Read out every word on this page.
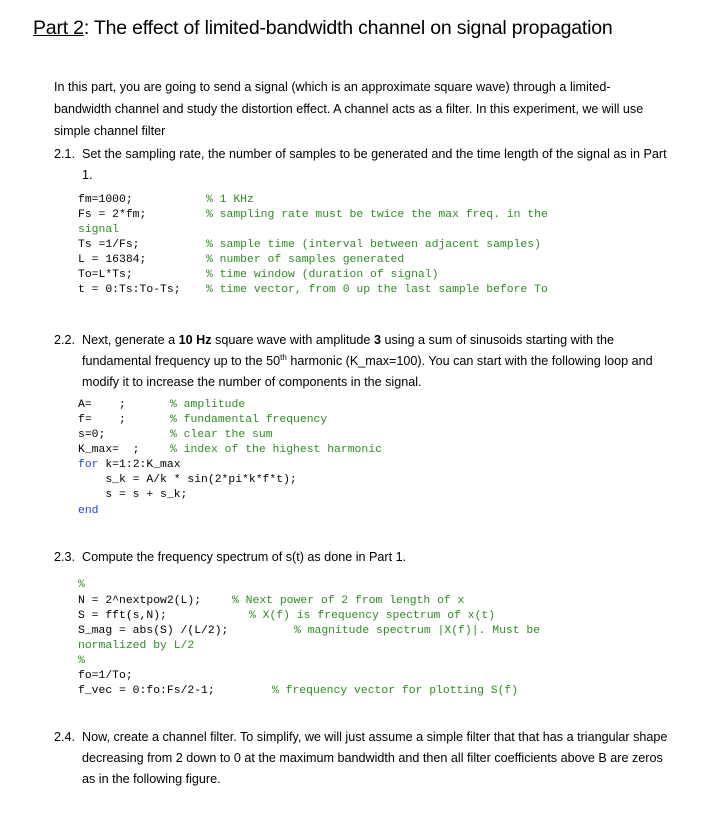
Part 2: The effect of limited-bandwidth channel on signal propagation
In this part, you are going to send a signal (which is an approximate square wave) through a limited-bandwidth channel and study the distortion effect. A channel acts as a filter. In this experiment, we will use simple channel filter
2.1. Set the sampling rate, the number of samples to be generated and the time length of the signal as in Part 1.
fm=1000;	% 1 KHz
Fs = 2*fm;	% sampling rate must be twice the max freq. in the
signal
Ts =1/Fs;	% sample time (interval between adjacent samples)
L = 16384;	% number of samples generated
To=L*Ts;	% time window (duration of signal)
t = 0:Ts:To-Ts; % time vector, from 0 up the last sample before To
2.2. Next, generate a 10 Hz square wave with amplitude 3 using a sum of sinusoids starting with the fundamental frequency up to the 50th harmonic (K_max=100). You can start with the following loop and modify it to increase the number of components in the signal.
A=    ;	% amplitude
f=    ;	% fundamental frequency
s=0;	% clear the sum
K_max=  ;	% index of the highest harmonic
for k=1:2:K_max
s_k = A/k * sin(2*pi*k*f*t);
s = s + s_k;
end
2.3. Compute the frequency spectrum of s(t) as done in Part 1.
%
N = 2^nextpow2(L);	% Next power of 2 from length of x
S = fft(s,N);	% X(f) is frequency spectrum of x(t)
S_mag = abs(S) /(L/2);	% magnitude spectrum |X(f)|. Must be
normalized by L/2
%
fo=1/To;
f_vec = 0:fo:Fs/2-1;	% frequency vector for plotting S(f)
2.4. Now, create a channel filter. To simplify, we will just assume a simple filter that that has a triangular shape decreasing from 2 down to 0 at the maximum bandwidth and then all filter coefficients above B are zeros as in the following figure.
